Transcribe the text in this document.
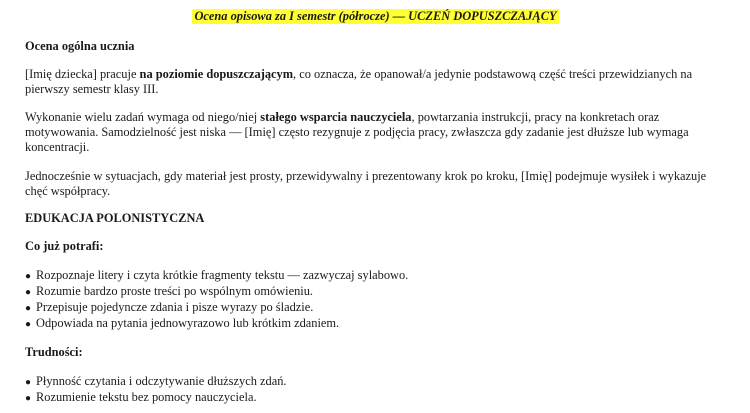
Ocena opisowa za I semestr (półrocze) — UCZEŃ DOPUSZCZAJĄCY

Ocena ogólna ucznia

[Imię dziecka] pracuje na poziomie dopuszczającym, co oznacza, że opanował/a jedynie podstawową część treści przewidzianych na pierwszy semestr klasy III.

Wykonanie wielu zadań wymaga od niego/niej stałego wsparcia nauczyciela, powtarzania instrukcji, pracy na konkretach oraz motywowania. Samodzielność jest niska — [Imię] często rezygnuje z podjęcia pracy, zwłaszcza gdy zadanie jest dłuższe lub wymaga koncentracji.

Jednocześnie w sytuacjach, gdy materiał jest prosty, przewidywalny i prezentowany krok po kroku, [Imię] podejmuje wysiłek i wykazuje chęć współpracy.

EDUKACJA POLONISTYCZNA

Co już potrafi:

● Rozpoznaje litery i czyta krótkie fragmenty tekstu — zazwyczaj sylabowo.
● Rozumie bardzo proste treści po wspólnym omówieniu.
● Przepisuje pojedyncze zdania i pisze wyrazy po śladzie.
● Odpowiada na pytania jednowyrazowo lub krótkim zdaniem.

Trudności:

● Płynność czytania i odczytywanie dłuższych zdań.
● Rozumienie tekstu bez pomocy nauczyciela.
